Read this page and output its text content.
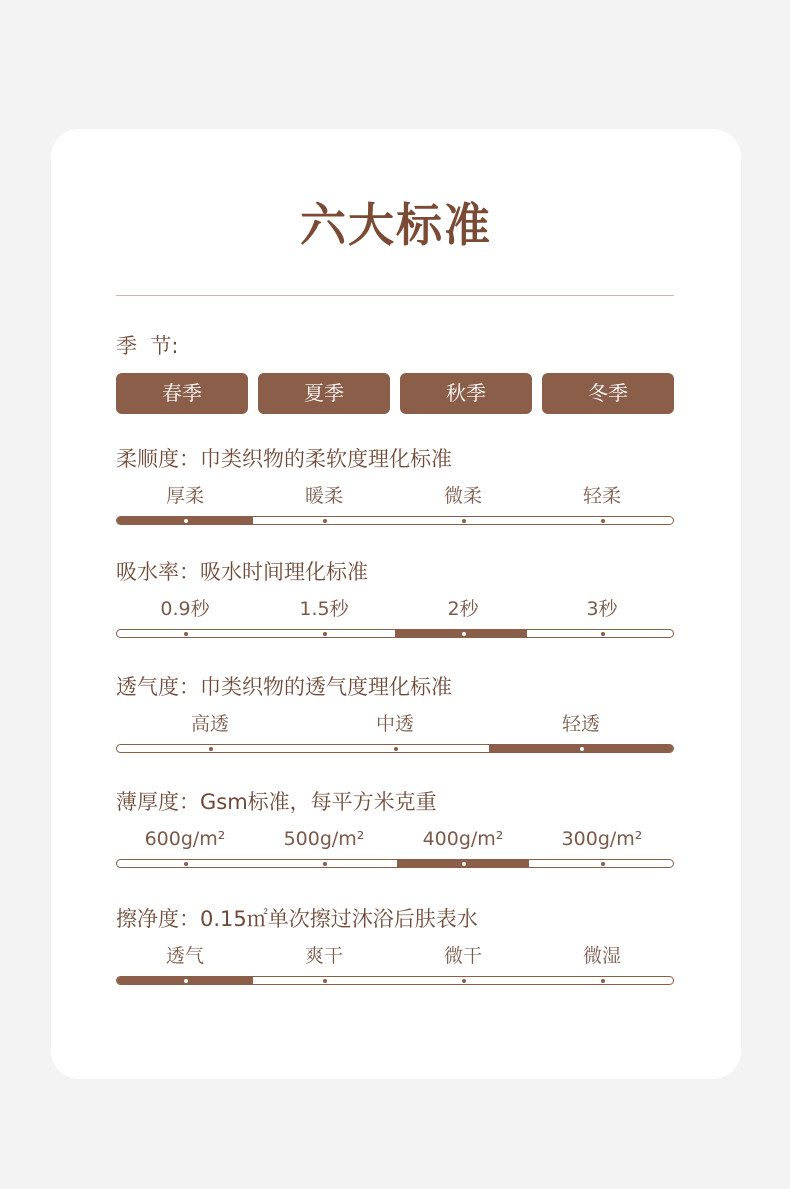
六大标准
季  节:
春季	夏季	秋季	冬季
柔顺度：巾类织物的柔软度理化标准
厚柔	暖柔	微柔	轻柔
吸水率：吸水时间理化标准
0.9秒	1.5秒	2秒	3秒
透气度：巾类织物的透气度理化标准
高透	中透	轻透
薄厚度：Gsm标准，每平方米克重
600g/m²	500g/m²	400g/m²	300g/m²
擦净度：0.15㎡单次擦过沐浴后肤表水
透气	爽干	微干	微湿
